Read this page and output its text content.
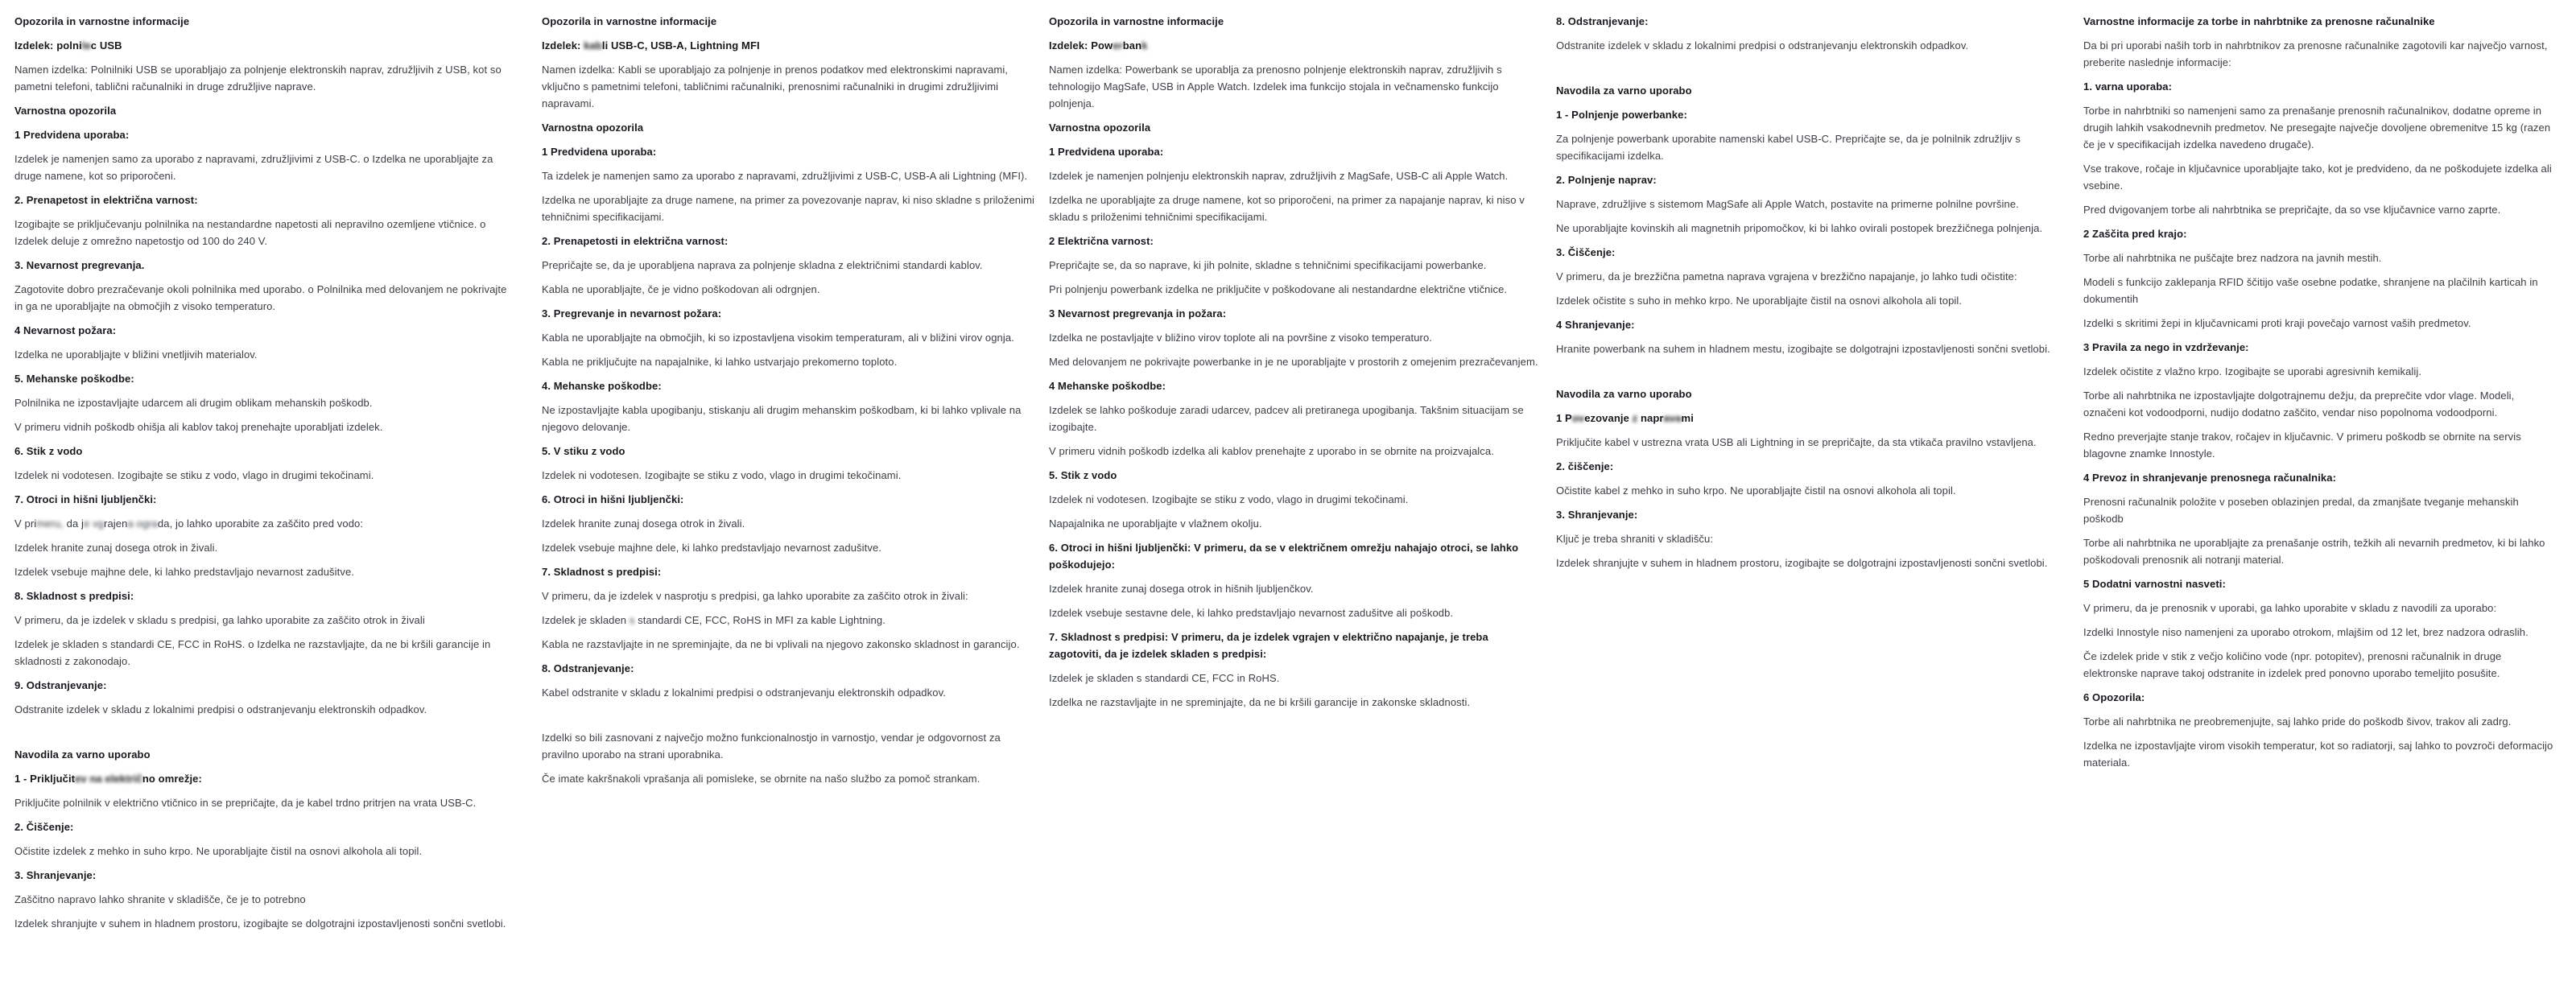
Opozorila in varnostne informacije
Izdelek: polnilec USB
Namen izdelka: Polnilniki USB se uporabljajo za polnjenje elektronskih naprav, združljivih z USB, kot so pametni telefoni, tablični računalniki in druge združljive naprave.
Varnostna opozorila
1 Predvidena uporaba:
Izdelek je namenjen samo za uporabo z napravami, združljivimi z USB-C. o Izdelka ne uporabljajte za druge namene, kot so priporočeni.
2. Prenapetost in električna varnost:
Izogibajte se priključevanju polnilnika na nestandardne napetosti ali nepravilno ozemljene vtičnice. o Izdelek deluje z omrežno napetostjo od 100 do 240 V.
3. Nevarnost pregrevanja.
Zagotovite dobro prezračevanje okoli polnilnika med uporabo. o Polnilnika med delovanjem ne pokrivajte in ga ne uporabljajte na območjih z visoko temperaturo.
4 Nevarnost požara:
Izdelka ne uporabljajte v bližini vnetljivih materialov.
5. Mehanske poškodbe:
Polnilnika ne izpostavljajte udarcem ali drugim oblikam mehanskih poškodb.
V primeru vidnih poškodb ohišja ali kablov takoj prenehajte uporabljati izdelek.
6. Stik z vodo
Izdelek ni vodotesen. Izogibajte se stiku z vodo, vlago in drugimi tekočinami.
7. Otroci in hišni ljubljenčki:
V primeru, da je vgrajena ograda, jo lahko uporabite za zaščito pred vodo:
Izdelek hranite zunaj dosega otrok in živali.
Izdelek vsebuje majhne dele, ki lahko predstavljajo nevarnost zadušitve.
8. Skladnost s predpisi:
V primeru, da je izdelek v skladu s predpisi, ga lahko uporabite za zaščito otrok in živali
Izdelek je skladen s standardi CE, FCC in RoHS. o Izdelka ne razstavljajte, da ne bi kršili garancije in skladnosti z zakonodajo.
9. Odstranjevanje:
Odstranite izdelek v skladu z lokalnimi predpisi o odstranjevanju elektronskih odpadkov.
Navodila za varno uporabo
1 - Priključitev na električno omrežje:
Priključite polnilnik v električno vtičnico in se prepričajte, da je kabel trdno pritrjen na vrata USB-C.
2. Čiščenje:
Očistite izdelek z mehko in suho krpo. Ne uporabljajte čistil na osnovi alkohola ali topil.
3. Shranjevanje:
Zaščitno napravo lahko shranite v skladišče, če je to potrebno
Izdelek shranjujte v suhem in hladnem prostoru, izogibajte se dolgotrajni izpostavljenosti sončni svetlobi.
Opozorila in varnostne informacije
Izdelek: kabli USB-C, USB-A, Lightning MFI
Namen izdelka: Kabli se uporabljajo za polnjenje in prenos podatkov med elektronskimi napravami, vključno s pametnimi telefoni, tabličnimi računalniki, prenosnimi računalniki in drugimi združljivimi napravami.
Varnostna opozorila
1 Predvidena uporaba:
Ta izdelek je namenjen samo za uporabo z napravami, združljivimi z USB-C, USB-A ali Lightning (MFI).
Izdelka ne uporabljajte za druge namene, na primer za povezovanje naprav, ki niso skladne s priloženimi tehničnimi specifikacijami.
2. Prenapetosti in električna varnost:
Prepričajte se, da je uporabljena naprava za polnjenje skladna z električnimi standardi kablov.
Kabla ne uporabljajte, če je vidno poškodovan ali odrgnjen.
3. Pregrevanje in nevarnost požara:
Kabla ne uporabljajte na območjih, ki so izpostavljena visokim temperaturam, ali v bližini virov ognja.
Kabla ne priključujte na napajalnike, ki lahko ustvarjajo prekomerno toploto.
4. Mehanske poškodbe:
Ne izpostavljajte kabla upogibanju, stiskanju ali drugim mehanskim poškodbam, ki bi lahko vplivale na njegovo delovanje.
5. V stiku z vodo
Izdelek ni vodotesen. Izogibajte se stiku z vodo, vlago in drugimi tekočinami.
6. Otroci in hišni ljubljenčki:
Izdelek hranite zunaj dosega otrok in živali.
Izdelek vsebuje majhne dele, ki lahko predstavljajo nevarnost zadušitve.
7. Skladnost s predpisi:
V primeru, da je izdelek v nasprotju s predpisi, ga lahko uporabite za zaščito otrok in živali:
Izdelek je skladen s standardi CE, FCC, RoHS in MFI za kable Lightning.
Kabla ne razstavljajte in ne spreminjajte, da ne bi vplivali na njegovo zakonsko skladnost in garancijo.
8. Odstranjevanje:
Kabel odstranite v skladu z lokalnimi predpisi o odstranjevanju elektronskih odpadkov.
Izdelki so bili zasnovani z največjo možno funkcionalnostjo in varnostjo, vendar je odgovornost za pravilno uporabo na strani uporabnika.
Če imate kakršnakoli vprašanja ali pomisleke, se obrnite na našo službo za pomoč strankam.
Opozorila in varnostne informacije
Izdelek: Powerbank
Namen izdelka: Powerbank se uporablja za prenosno polnjenje elektronskih naprav, združljivih s tehnologijo MagSafe, USB in Apple Watch. Izdelek ima funkcijo stojala in večnamensko funkcijo polnjenja.
Varnostna opozorila
1 Predvidena uporaba:
Izdelek je namenjen polnjenju elektronskih naprav, združljivih z MagSafe, USB-C ali Apple Watch.
Izdelka ne uporabljajte za druge namene, kot so priporočeni, na primer za napajanje naprav, ki niso v skladu s priloženimi tehničnimi specifikacijami.
2 Električna varnost:
Prepričajte se, da so naprave, ki jih polnite, skladne s tehničnimi specifikacijami powerbanke.
Pri polnjenju powerbank izdelka ne priključite v poškodovane ali nestandardne električne vtičnice.
3 Nevarnost pregrevanja in požara:
Izdelka ne postavljajte v bližino virov toplote ali na površine z visoko temperaturo.
Med delovanjem ne pokrivajte powerbanke in je ne uporabljajte v prostorih z omejenim prezračevanjem.
4 Mehanske poškodbe:
Izdelek se lahko poškoduje zaradi udarcev, padcev ali pretiranega upogibanja. Takšnim situacijam se izogibajte.
V primeru vidnih poškodb izdelka ali kablov prenehajte z uporabo in se obrnite na proizvajalca.
5. Stik z vodo
Izdelek ni vodotesen. Izogibajte se stiku z vodo, vlago in drugimi tekočinami.
Napajalnika ne uporabljajte v vlažnem okolju.
6. Otroci in hišni ljubljenčki: V primeru, da se v električnem omrežju nahajajo otroci, se lahko poškodujejo:
Izdelek hranite zunaj dosega otrok in hišnih ljubljenčkov.
Izdelek vsebuje sestavne dele, ki lahko predstavljajo nevarnost zadušitve ali poškodb.
7. Skladnost s predpisi: V primeru, da je izdelek vgrajen v električno napajanje, je treba zagotoviti, da je izdelek skladen s predpisi:
Izdelek je skladen s standardi CE, FCC in RoHS.
Izdelka ne razstavljajte in ne spreminjajte, da ne bi kršili garancije in zakonske skladnosti.
8. Odstranjevanje:
Odstranite izdelek v skladu z lokalnimi predpisi o odstranjevanju elektronskih odpadkov.
Navodila za varno uporabo
1 - Polnjenje powerbanke:
Za polnjenje powerbank uporabite namenski kabel USB-C. Prepričajte se, da je polnilnik združljiv s specifikacijami izdelka.
2. Polnjenje naprav:
Naprave, združljive s sistemom MagSafe ali Apple Watch, postavite na primerne polnilne površine.
Ne uporabljajte kovinskih ali magnetnih pripomočkov, ki bi lahko ovirali postopek brezžičnega polnjenja.
3. Čiščenje:
V primeru, da je brezžična pametna naprava vgrajena v brezžično napajanje, jo lahko tudi očistite:
Izdelek očistite s suho in mehko krpo. Ne uporabljajte čistil na osnovi alkohola ali topil.
4 Shranjevanje:
Hranite powerbank na suhem in hladnem mestu, izogibajte se dolgotrajni izpostavljenosti sončni svetlobi.
Navodila za varno uporabo
1 Povezovanje z napravami
Priključite kabel v ustrezna vrata USB ali Lightning in se prepričajte, da sta vtikača pravilno vstavljena.
2. čiščenje:
Očistite kabel z mehko in suho krpo. Ne uporabljajte čistil na osnovi alkohola ali topil.
3. Shranjevanje:
Ključ je treba shraniti v skladišču:
Izdelek shranjujte v suhem in hladnem prostoru, izogibajte se dolgotrajni izpostavljenosti sončni svetlobi.
Varnostne informacije za torbe in nahrbtnike za prenosne računalnike
Da bi pri uporabi naših torb in nahrbtnikov za prenosne računalnike zagotovili kar največjo varnost, preberite naslednje informacije:
1. varna uporaba:
Torbe in nahrbtniki so namenjeni samo za prenašanje prenosnih računalnikov, dodatne opreme in drugih lahkih vsakodnevnih predmetov. Ne presegajte največje dovoljene obremenitve 15 kg (razen če je v specifikacijah izdelka navedeno drugače).
Vse trakove, ročaje in ključavnice uporabljajte tako, kot je predvideno, da ne poškodujete izdelka ali vsebine.
Pred dvigovanjem torbe ali nahrbtnika se prepričajte, da so vse ključavnice varno zaprte.
2 Zaščita pred krajo:
Torbe ali nahrbtnika ne puščajte brez nadzora na javnih mestih.
Modeli s funkcijo zaklepanja RFID ščitijo vaše osebne podatke, shranjene na plačilnih karticah in dokumentih
Izdelki s skritimi žepi in ključavnicami proti kraji povečajo varnost vaših predmetov.
3 Pravila za nego in vzdrževanje:
Izdelek očistite z vlažno krpo. Izogibajte se uporabi agresivnih kemikalij.
Torbe ali nahrbtnika ne izpostavljajte dolgotrajnemu dežju, da preprečite vdor vlage. Modeli, označeni kot vodoodporni, nudijo dodatno zaščito, vendar niso popolnoma vodoodporni.
Redno preverjajte stanje trakov, ročajev in ključavnic. V primeru poškodb se obrnite na servis blagovne znamke Innostyle.
4 Prevoz in shranjevanje prenosnega računalnika:
Prenosni računalnik položite v poseben oblazinjen predal, da zmanjšate tveganje mehanskih poškodb
Torbe ali nahrbtnika ne uporabljajte za prenašanje ostrih, težkih ali nevarnih predmetov, ki bi lahko poškodovali prenosnik ali notranji material.
5 Dodatni varnostni nasveti:
V primeru, da je prenosnik v uporabi, ga lahko uporabite v skladu z navodili za uporabo:
Izdelki Innostyle niso namenjeni za uporabo otrokom, mlajšim od 12 let, brez nadzora odraslih.
Če izdelek pride v stik z večjo količino vode (npr. potopitev), prenosni računalnik in druge elektronske naprave takoj odstranite in izdelek pred ponovno uporabo temeljito posušite.
6 Opozorila:
Torbe ali nahrbtnika ne preobremenjujte, saj lahko pride do poškodb šivov, trakov ali zadrg.
Izdelka ne izpostavljajte virom visokih temperatur, kot so radiatorji, saj lahko to povzroči deformacijo materiala.
